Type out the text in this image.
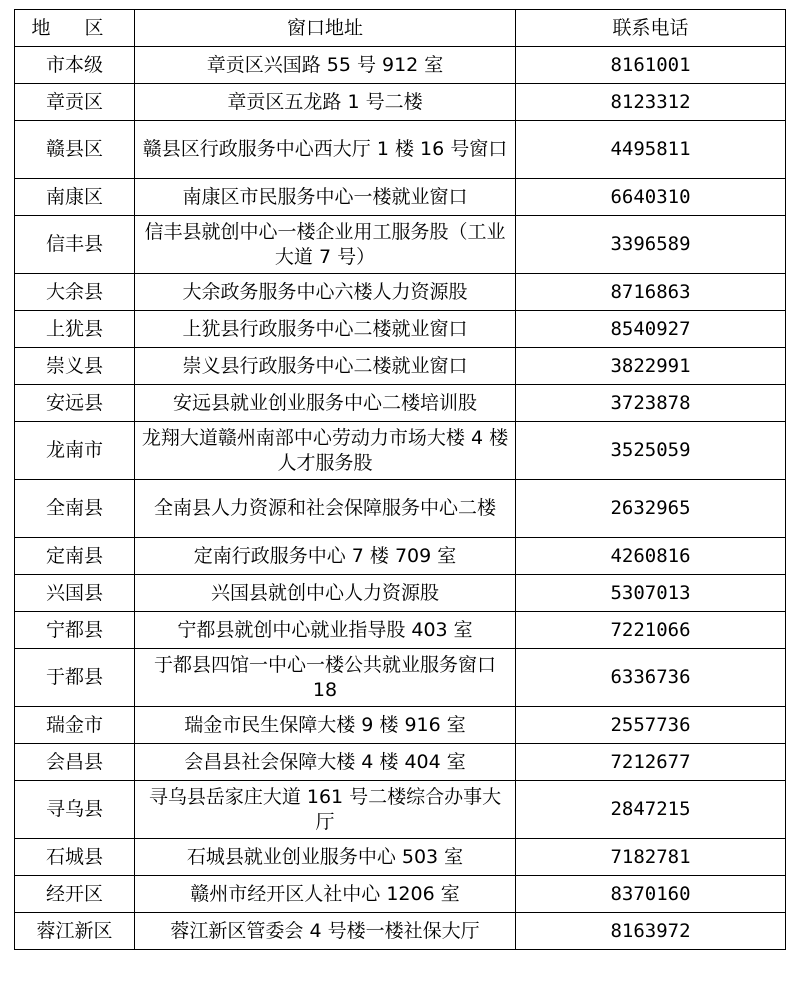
地 区	窗口地址	联系电话
市本级	章贡区兴国路 55 号 912 室	8161001
章贡区	章贡区五龙路 1 号二楼	8123312
赣县区	赣县区行政服务中心西大厅 1 楼 16 号窗口	4495811
南康区	南康区市民服务中心一楼就业窗口	6640310
信丰县	信丰县就创中心一楼企业用工服务股（工业大道 7 号）	3396589
大余县	大余政务服务中心六楼人力资源股	8716863
上犹县	上犹县行政服务中心二楼就业窗口	8540927
崇义县	崇义县行政服务中心二楼就业窗口	3822991
安远县	安远县就业创业服务中心二楼培训股	3723878
龙南市	龙翔大道赣州南部中心劳动力市场大楼 4 楼人才服务股	3525059
全南县	全南县人力资源和社会保障服务中心二楼	2632965
定南县	定南行政服务中心 7 楼 709 室	4260816
兴国县	兴国县就创中心人力资源股	5307013
宁都县	宁都县就创中心就业指导股 403 室	7221066
于都县	于都县四馆一中心一楼公共就业服务窗口 18	6336736
瑞金市	瑞金市民生保障大楼 9 楼 916 室	2557736
会昌县	会昌县社会保障大楼 4 楼 404 室	7212677
寻乌县	寻乌县岳家庄大道 161 号二楼综合办事大厅	2847215
石城县	石城县就业创业服务中心 503 室	7182781
经开区	赣州市经开区人社中心 1206 室	8370160
蓉江新区	蓉江新区管委会 4 号楼一楼社保大厅	8163972
